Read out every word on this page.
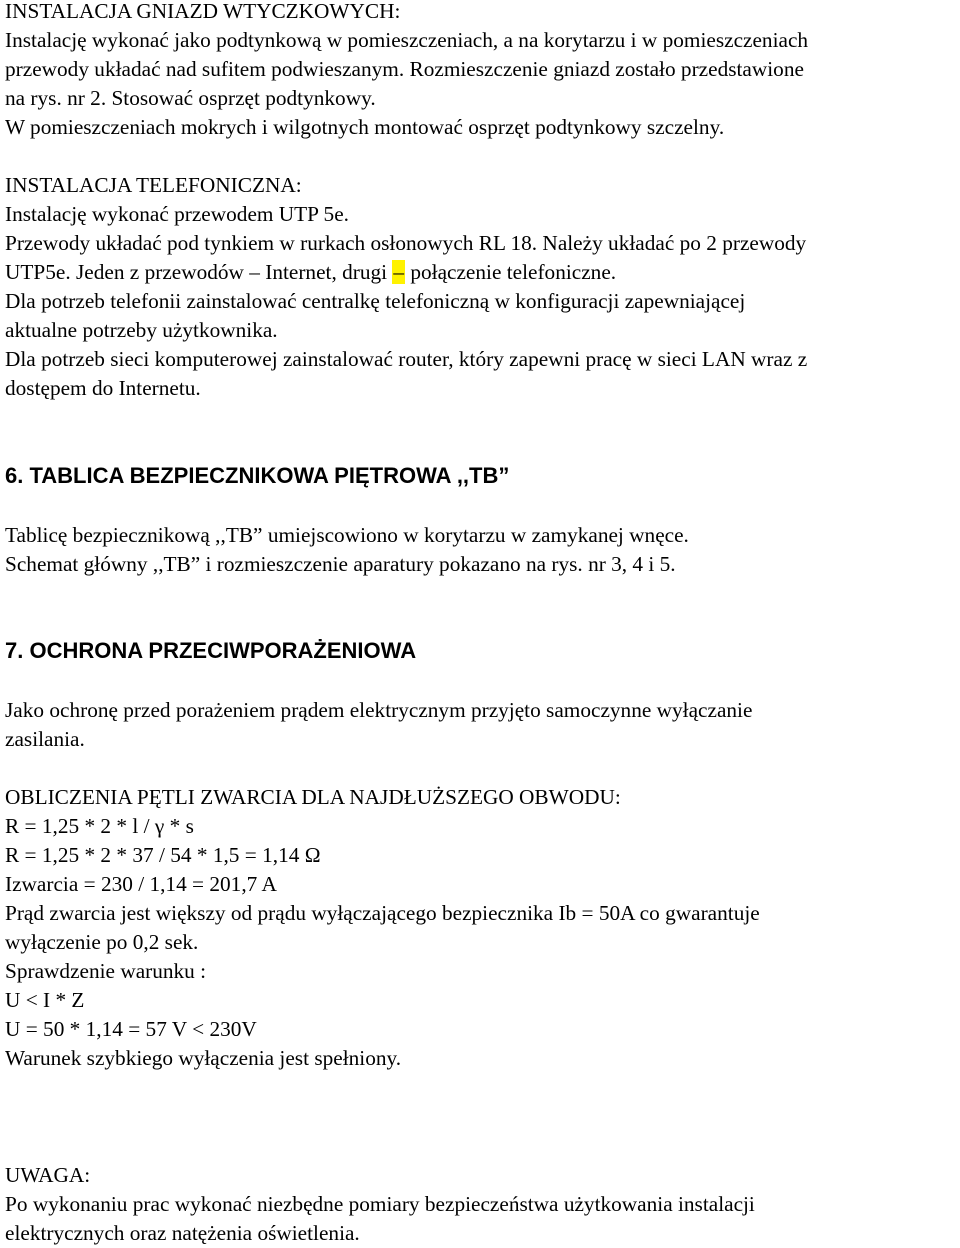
INSTALACJA GNIAZD WTYCZKOWYCH:

Instalację wykonać jako podtynkową w pomieszczeniach, a na korytarzu i w pomieszczeniach

przewody układać nad sufitem podwieszanym. Rozmieszczenie gniazd zostało przedstawione

na rys. nr 2. Stosować osprzęt podtynkowy.

W pomieszczeniach mokrych i wilgotnych montować osprzęt podtynkowy szczelny.

INSTALACJA TELEFONICZNA:

Instalację wykonać przewodem UTP 5e.

Przewody układać pod tynkiem w rurkach osłonowych RL 18. Należy układać po 2 przewody

UTP5e. Jeden z przewodów – Internet, drugi – połączenie telefoniczne.

Dla potrzeb telefonii zainstalować centralkę telefoniczną w konfiguracji zapewniającej

aktualne potrzeby użytkownika.

Dla potrzeb sieci komputerowej zainstalować router, który zapewni pracę w sieci LAN wraz z

dostępem do Internetu.

6. TABLICA BEZPIECZNIKOWA PIĘTROWA ,,TB”

Tablicę bezpiecznikową ,,TB” umiejscowiono w korytarzu w zamykanej wnęce.

Schemat główny ,,TB” i rozmieszczenie aparatury pokazano na rys. nr 3, 4 i 5.

7. OCHRONA PRZECIWPORAŻENIOWA

Jako ochronę przed porażeniem prądem elektrycznym przyjęto samoczynne wyłączanie

zasilania.

OBLICZENIA PĘTLI ZWARCIA DLA NAJDŁUŻSZEGO OBWODU:

R = 1,25 * 2 * l / γ * s

R = 1,25 * 2 * 37 / 54 * 1,5 = 1,14 Ω

Izwarcia = 230 / 1,14 = 201,7 A

Prąd zwarcia jest większy od prądu wyłączającego bezpiecznika Ib = 50A co gwarantuje

wyłączenie po 0,2 sek.

Sprawdzenie warunku :

U < I * Z

U = 50 * 1,14 = 57 V < 230V

Warunek szybkiego wyłączenia jest spełniony.

UWAGA:

Po wykonaniu prac wykonać niezbędne pomiary bezpieczeństwa użytkowania instalacji

elektrycznych oraz natężenia oświetlenia.
